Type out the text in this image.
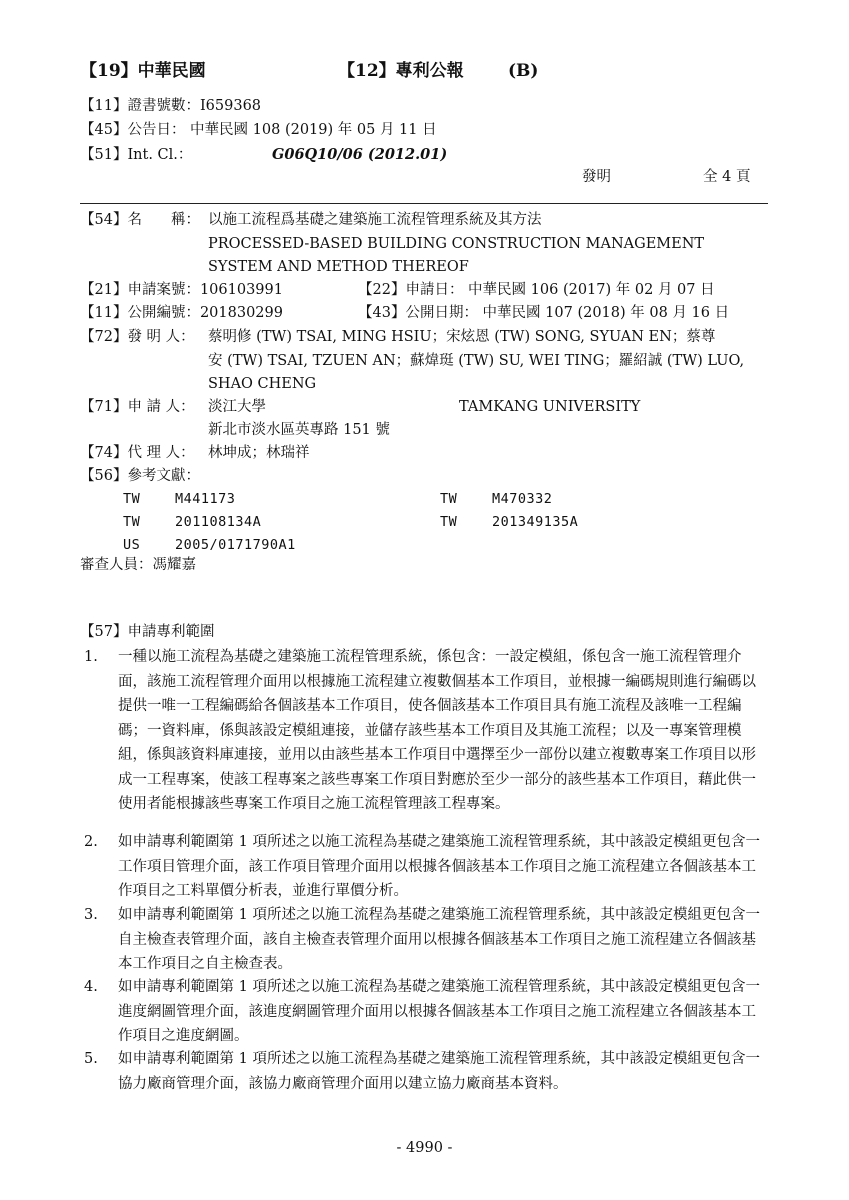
【19】中華民國	【12】專利公報	(B)
【11】證書號數：I659368
【45】公告日： 中華民國 108 (2019) 年 05 月 11 日
【51】Int. Cl.：	G06Q10/06 (2012.01)
發明	全 4 頁
【54】名　　稱： 以施工流程爲基礎之建築施工流程管理系統及其方法
PROCESSED-BASED BUILDING CONSTRUCTION MANAGEMENT
SYSTEM AND METHOD THEREOF
【21】申請案號：106103991	【22】申請日： 中華民國 106 (2017) 年 02 月 07 日
【11】公開編號：201830299	【43】公開日期： 中華民國 107 (2018) 年 08 月 16 日
【72】發 明 人： 蔡明修 (TW) TSAI, MING HSIU；宋炫恩 (TW) SONG, SYUAN EN；蔡尊
安 (TW) TSAI, TZUEN AN；蘇煒珽 (TW) SU, WEI TING；羅紹誠 (TW) LUO,
SHAO CHENG
【71】申 請 人： 淡江大學	TAMKANG UNIVERSITY
新北市淡水區英專路 151 號
【74】代 理 人： 林坤成；林瑞祥
【56】參考文獻：
TW	M441173	TW	M470332
TW	201108134A	TW	201349135A
US	2005/0171790A1
審查人員：馮耀嘉
【57】申請專利範圍
1. 一種以施工流程為基礎之建築施工流程管理系統，係包含：一設定模組，係包含一施工流程管理介面，該施工流程管理介面用以根據施工流程建立複數個基本工作項目，並根據一編碼規則進行編碼以提供一唯一工程編碼給各個該基本工作項目，使各個該基本工作項目具有施工流程及該唯一工程編碼；一資料庫，係與該設定模組連接，並儲存該些基本工作項目及其施工流程；以及一專案管理模組，係與該資料庫連接，並用以由該些基本工作項目中選擇至少一部份以建立複數專案工作項目以形成一工程專案，使該工程專案之該些專案工作項目對應於至少一部分的該些基本工作項目，藉此供一使用者能根據該些專案工作項目之施工流程管理該工程專案。
2. 如申請專利範圍第 1 項所述之以施工流程為基礎之建築施工流程管理系統，其中該設定模組更包含一工作項目管理介面，該工作項目管理介面用以根據各個該基本工作項目之施工流程建立各個該基本工作項目之工料單價分析表，並進行單價分析。
3. 如申請專利範圍第 1 項所述之以施工流程為基礎之建築施工流程管理系統，其中該設定模組更包含一自主檢查表管理介面，該自主檢查表管理介面用以根據各個該基本工作項目之施工流程建立各個該基本工作項目之自主檢查表。
4. 如申請專利範圍第 1 項所述之以施工流程為基礎之建築施工流程管理系統，其中該設定模組更包含一進度網圖管理介面，該進度網圖管理介面用以根據各個該基本工作項目之施工流程建立各個該基本工作項目之進度網圖。
5. 如申請專利範圍第 1 項所述之以施工流程為基礎之建築施工流程管理系統，其中該設定模組更包含一協力廠商管理介面，該協力廠商管理介面用以建立協力廠商基本資料。
- 4990 -
